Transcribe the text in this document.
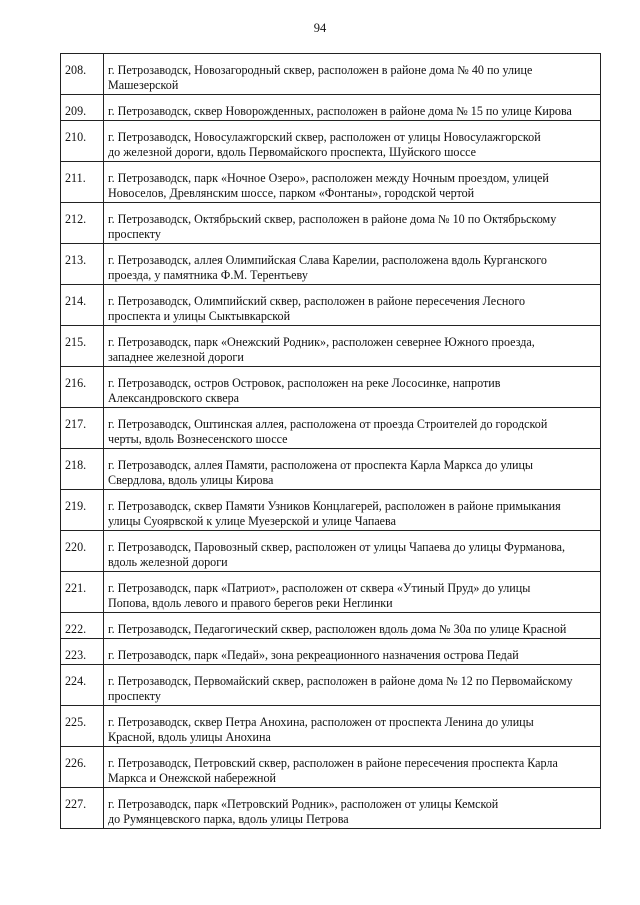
94
208.	г. Петрозаводск, Новозагородный сквер, расположен в районе дома № 40 по улице
Машезерской

209.	г. Петрозаводск, сквер Новорожденных, расположен в районе дома № 15 по улице Кирова

210.	г. Петрозаводск, Новосулажгорский сквер, расположен от улицы Новосулажгорской
до железной дороги, вдоль Первомайского проспекта, Шуйского шоссе

211.	г. Петрозаводск, парк «Ночное Озеро», расположен между Ночным проездом, улицей
Новоселов, Древлянским шоссе, парком «Фонтаны», городской чертой

212.	г. Петрозаводск, Октябрьский сквер, расположен в районе дома № 10 по Октябрьскому
проспекту

213.	г. Петрозаводск, аллея Олимпийская Слава Карелии, расположена вдоль Курганского
проезда, у памятника Ф.М. Терентьеву

214.	г. Петрозаводск, Олимпийский сквер, расположен в районе пересечения Лесного
проспекта и улицы Сыктывкарской

215.	г. Петрозаводск, парк «Онежский Родник», расположен севернее Южного проезда,
западнее железной дороги

216.	г. Петрозаводск, остров Островок, расположен на реке Лососинке, напротив
Александровского сквера

217.	г. Петрозаводск, Оштинская аллея, расположена от проезда Строителей до городской
черты, вдоль Вознесенского шоссе

218.	г. Петрозаводск, аллея Памяти, расположена от проспекта Карла Маркса до улицы
Свердлова, вдоль улицы Кирова

219.	г. Петрозаводск, сквер Памяти Узников Концлагерей, расположен в районе примыкания
улицы Суоярвской к улице Муезерской и улице Чапаева

220.	г. Петрозаводск, Паровозный сквер, расположен от улицы Чапаева до улицы Фурманова,
вдоль железной дороги

221.	г. Петрозаводск, парк «Патриот», расположен от сквера «Утиный Пруд» до улицы
Попова, вдоль левого и правого берегов реки Неглинки

222.	г. Петрозаводск, Педагогический сквер, расположен вдоль дома № 30а по улице Красной

223.	г. Петрозаводск, парк «Педай», зона рекреационного назначения острова Педай

224.	г. Петрозаводск, Первомайский сквер, расположен в районе дома № 12 по Первомайскому
проспекту

225.	г. Петрозаводск, сквер Петра Анохина, расположен от проспекта Ленина до улицы
Красной, вдоль улицы Анохина

226.	г. Петрозаводск, Петровский сквер, расположен в районе пересечения проспекта Карла
Маркса и Онежской набережной

227.	г. Петрозаводск, парк «Петровский Родник», расположен от улицы Кемской
до Румянцевского парка, вдоль улицы Петрова
